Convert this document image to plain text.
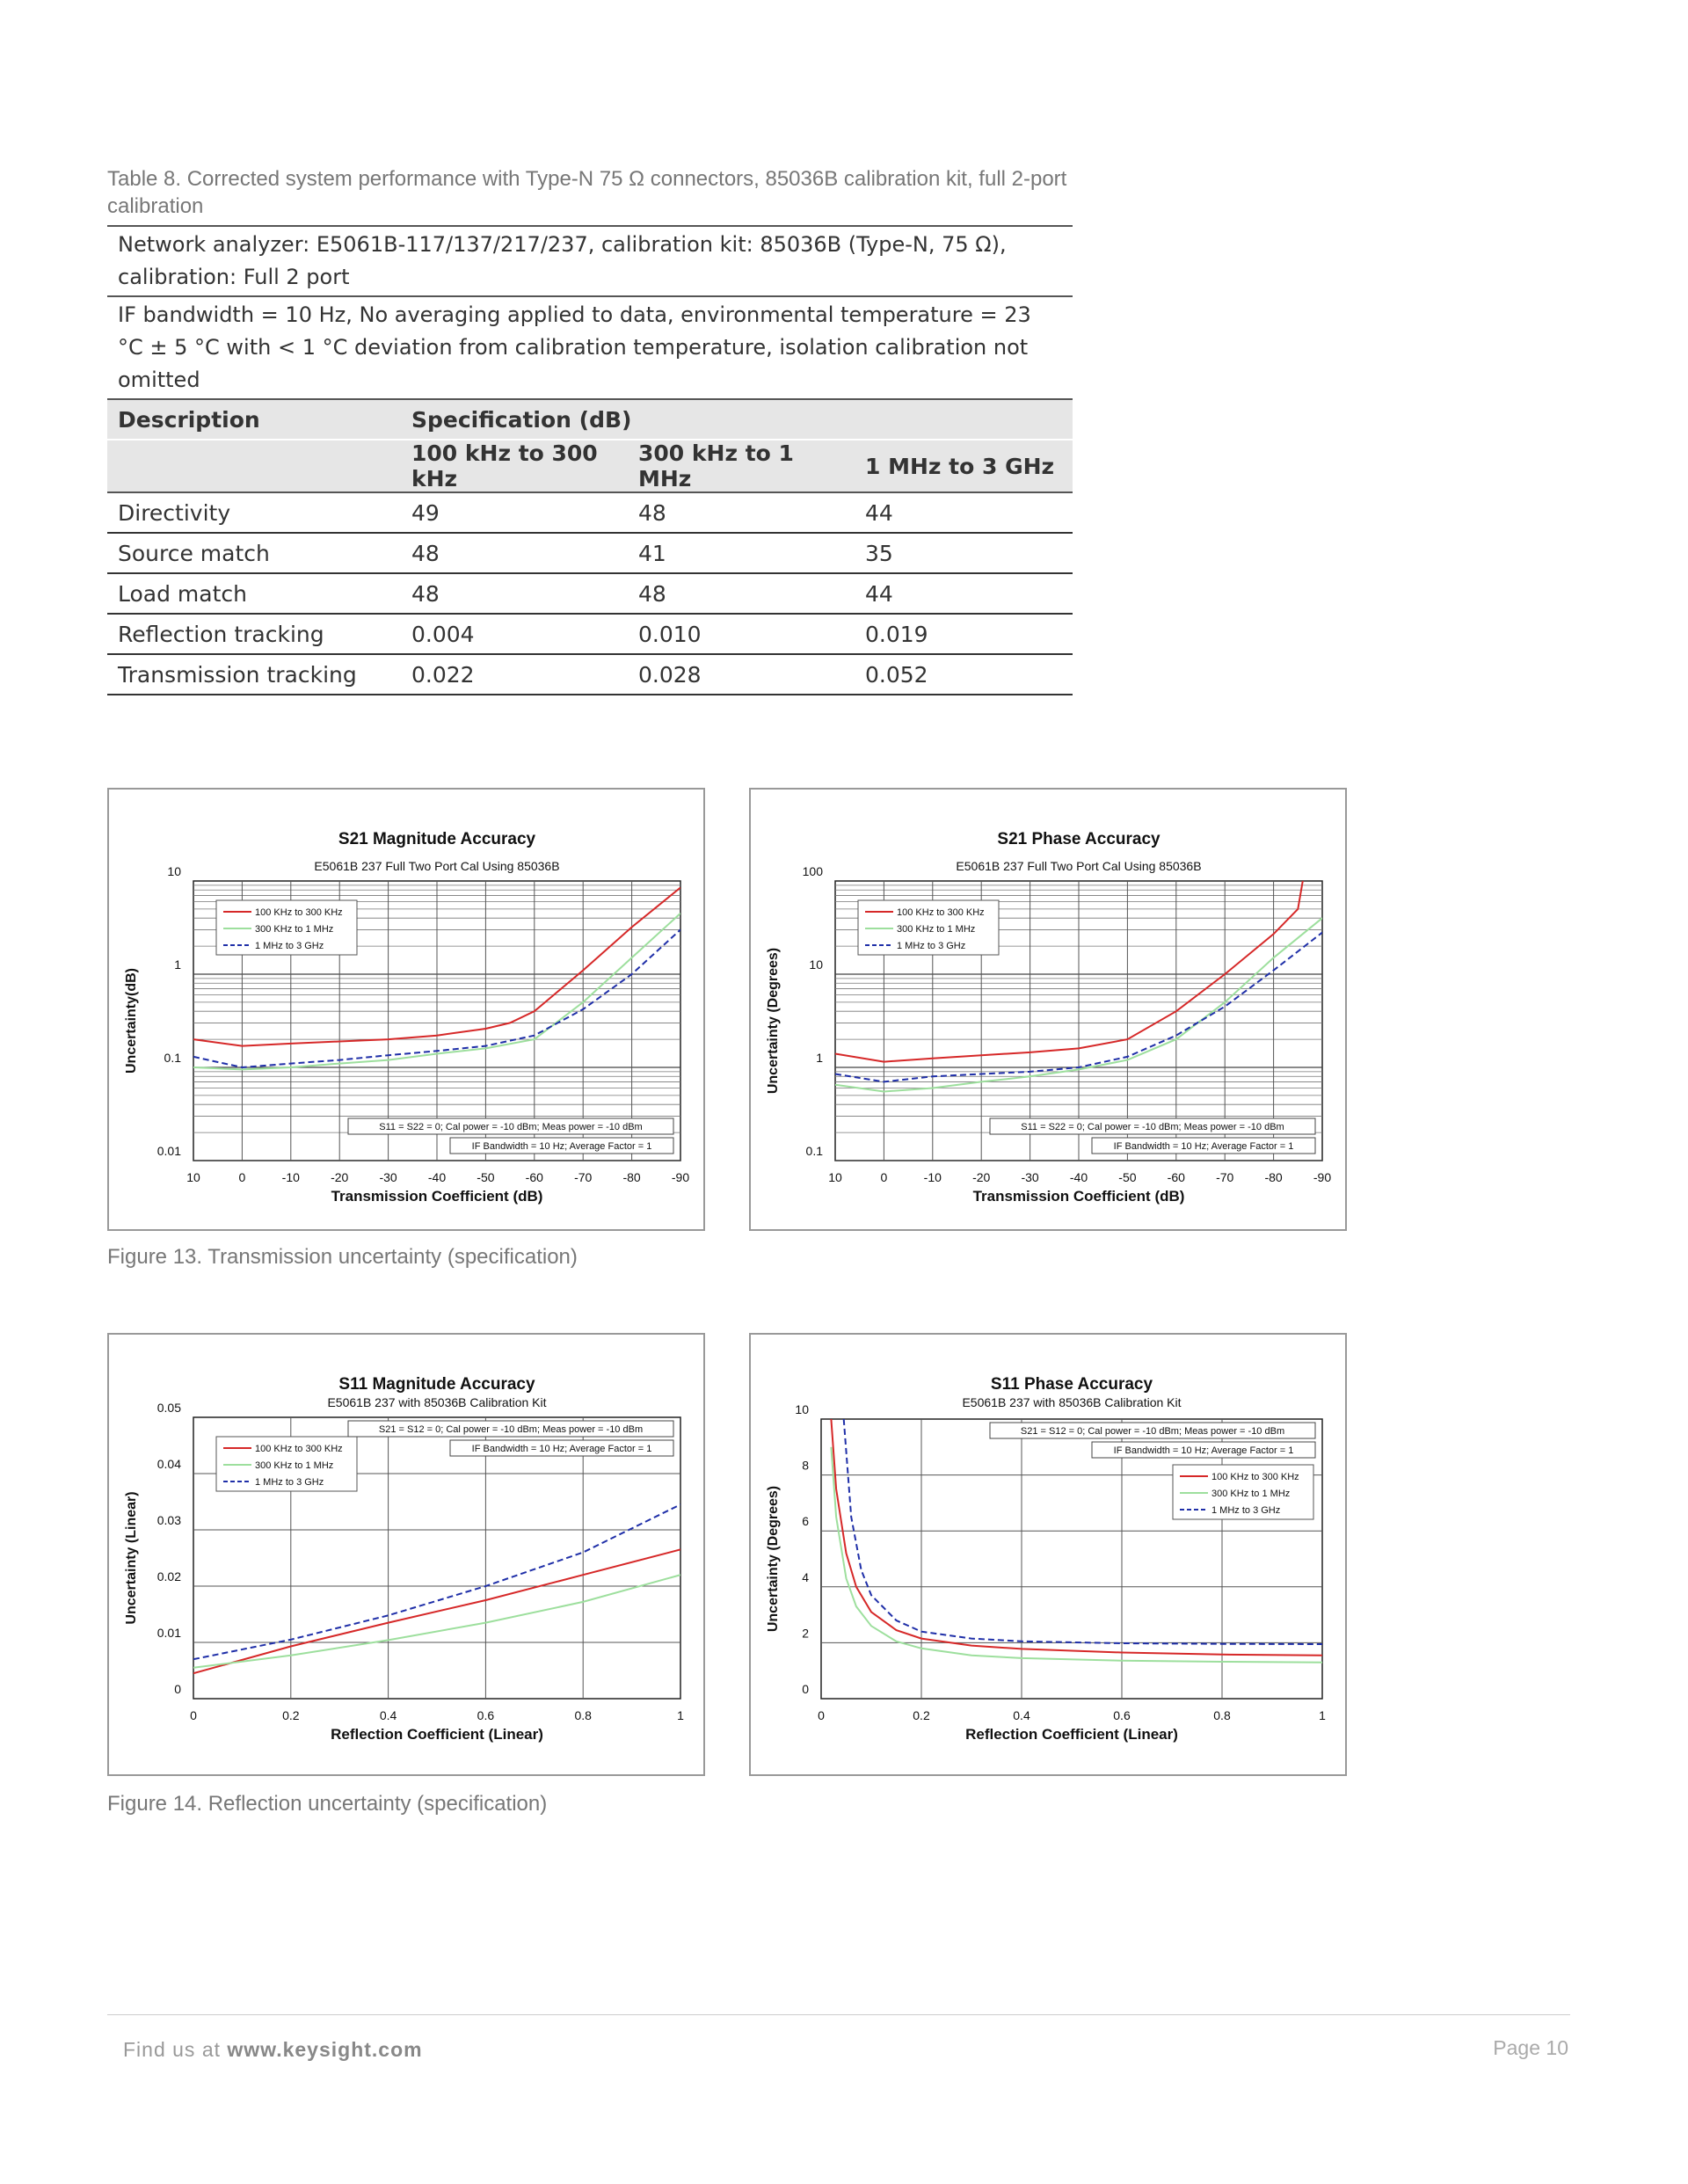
Table 8. Corrected system performance with Type-N 75 Ω connectors, 85036B calibration kit, full 2-port calibration
Network analyzer: E5061B-117/137/217/237, calibration kit: 85036B (Type-N, 75 Ω), calibration: Full 2 port			
IF bandwidth = 10 Hz, No averaging applied to data, environmental temperature = 23 °C ± 5 °C with < 1 °C deviation from calibration temperature, isolation calibration not omitted			
Description	Specification (dB)		
	100 kHz to 300 kHz	300 kHz to 1 MHz	1 MHz to 3 GHz
Directivity	49	48	44
Source match	48	41	35
Load match	48	48	44
Reflection tracking	0.004	0.010	0.019
Transmission tracking	0.022	0.028	0.052
S21 Magnitude Accuracy
E5061B 237 Full Two Port Cal Using 85036B
10	0	-10	-20	-30	-40	-50	-60	-70	-80	-90
10
1
0.1
0.01
Transmission Coefficient (dB)
Uncertainty(dB)
100 KHz to 300 KHz
300 KHz to 1 MHz
1 MHz to 3 GHz
S11 = S22 = 0; Cal power = -10 dBm; Meas power = -10 dBm
IF Bandwidth = 10 Hz; Average Factor = 1
S21 Phase Accuracy
E5061B 237 Full Two Port Cal Using 85036B
10	0	-10	-20	-30	-40	-50	-60	-70	-80	-90
100
10
1
0.1
Transmission Coefficient (dB)
Uncertainty (Degrees)
100 KHz to 300 KHz
300 KHz to 1 MHz
1 MHz to 3 GHz
S11 = S22 = 0; Cal power = -10 dBm; Meas power = -10 dBm
IF Bandwidth = 10 Hz; Average Factor = 1
Figure 13. Transmission uncertainty (specification)
S11 Magnitude Accuracy
E5061B 237 with 85036B Calibration Kit
0	0.2	0.4	0.6	0.8	1
0.05
0.04
0.03
0.02
0.01
0
Reflection Coefficient (Linear)
Uncertainty (Linear)
100 KHz to 300 KHz
300 KHz to 1 MHz
1 MHz to 3 GHz
S21 = S12 = 0; Cal power = -10 dBm; Meas power = -10 dBm
IF Bandwidth = 10 Hz; Average Factor = 1
S11 Phase Accuracy
E5061B 237 with 85036B Calibration Kit
0	0.2	0.4	0.6	0.8	1
10
8
6
4
2
0
Reflection Coefficient (Linear)
Uncertainty (Degrees)
100 KHz to 300 KHz
300 KHz to 1 MHz
1 MHz to 3 GHz
S21 = S12 = 0; Cal power = -10 dBm; Meas power = -10 dBm
IF Bandwidth = 10 Hz; Average Factor = 1
Figure 14. Reflection uncertainty (specification)
Find us at www.keysight.com	Page 10
